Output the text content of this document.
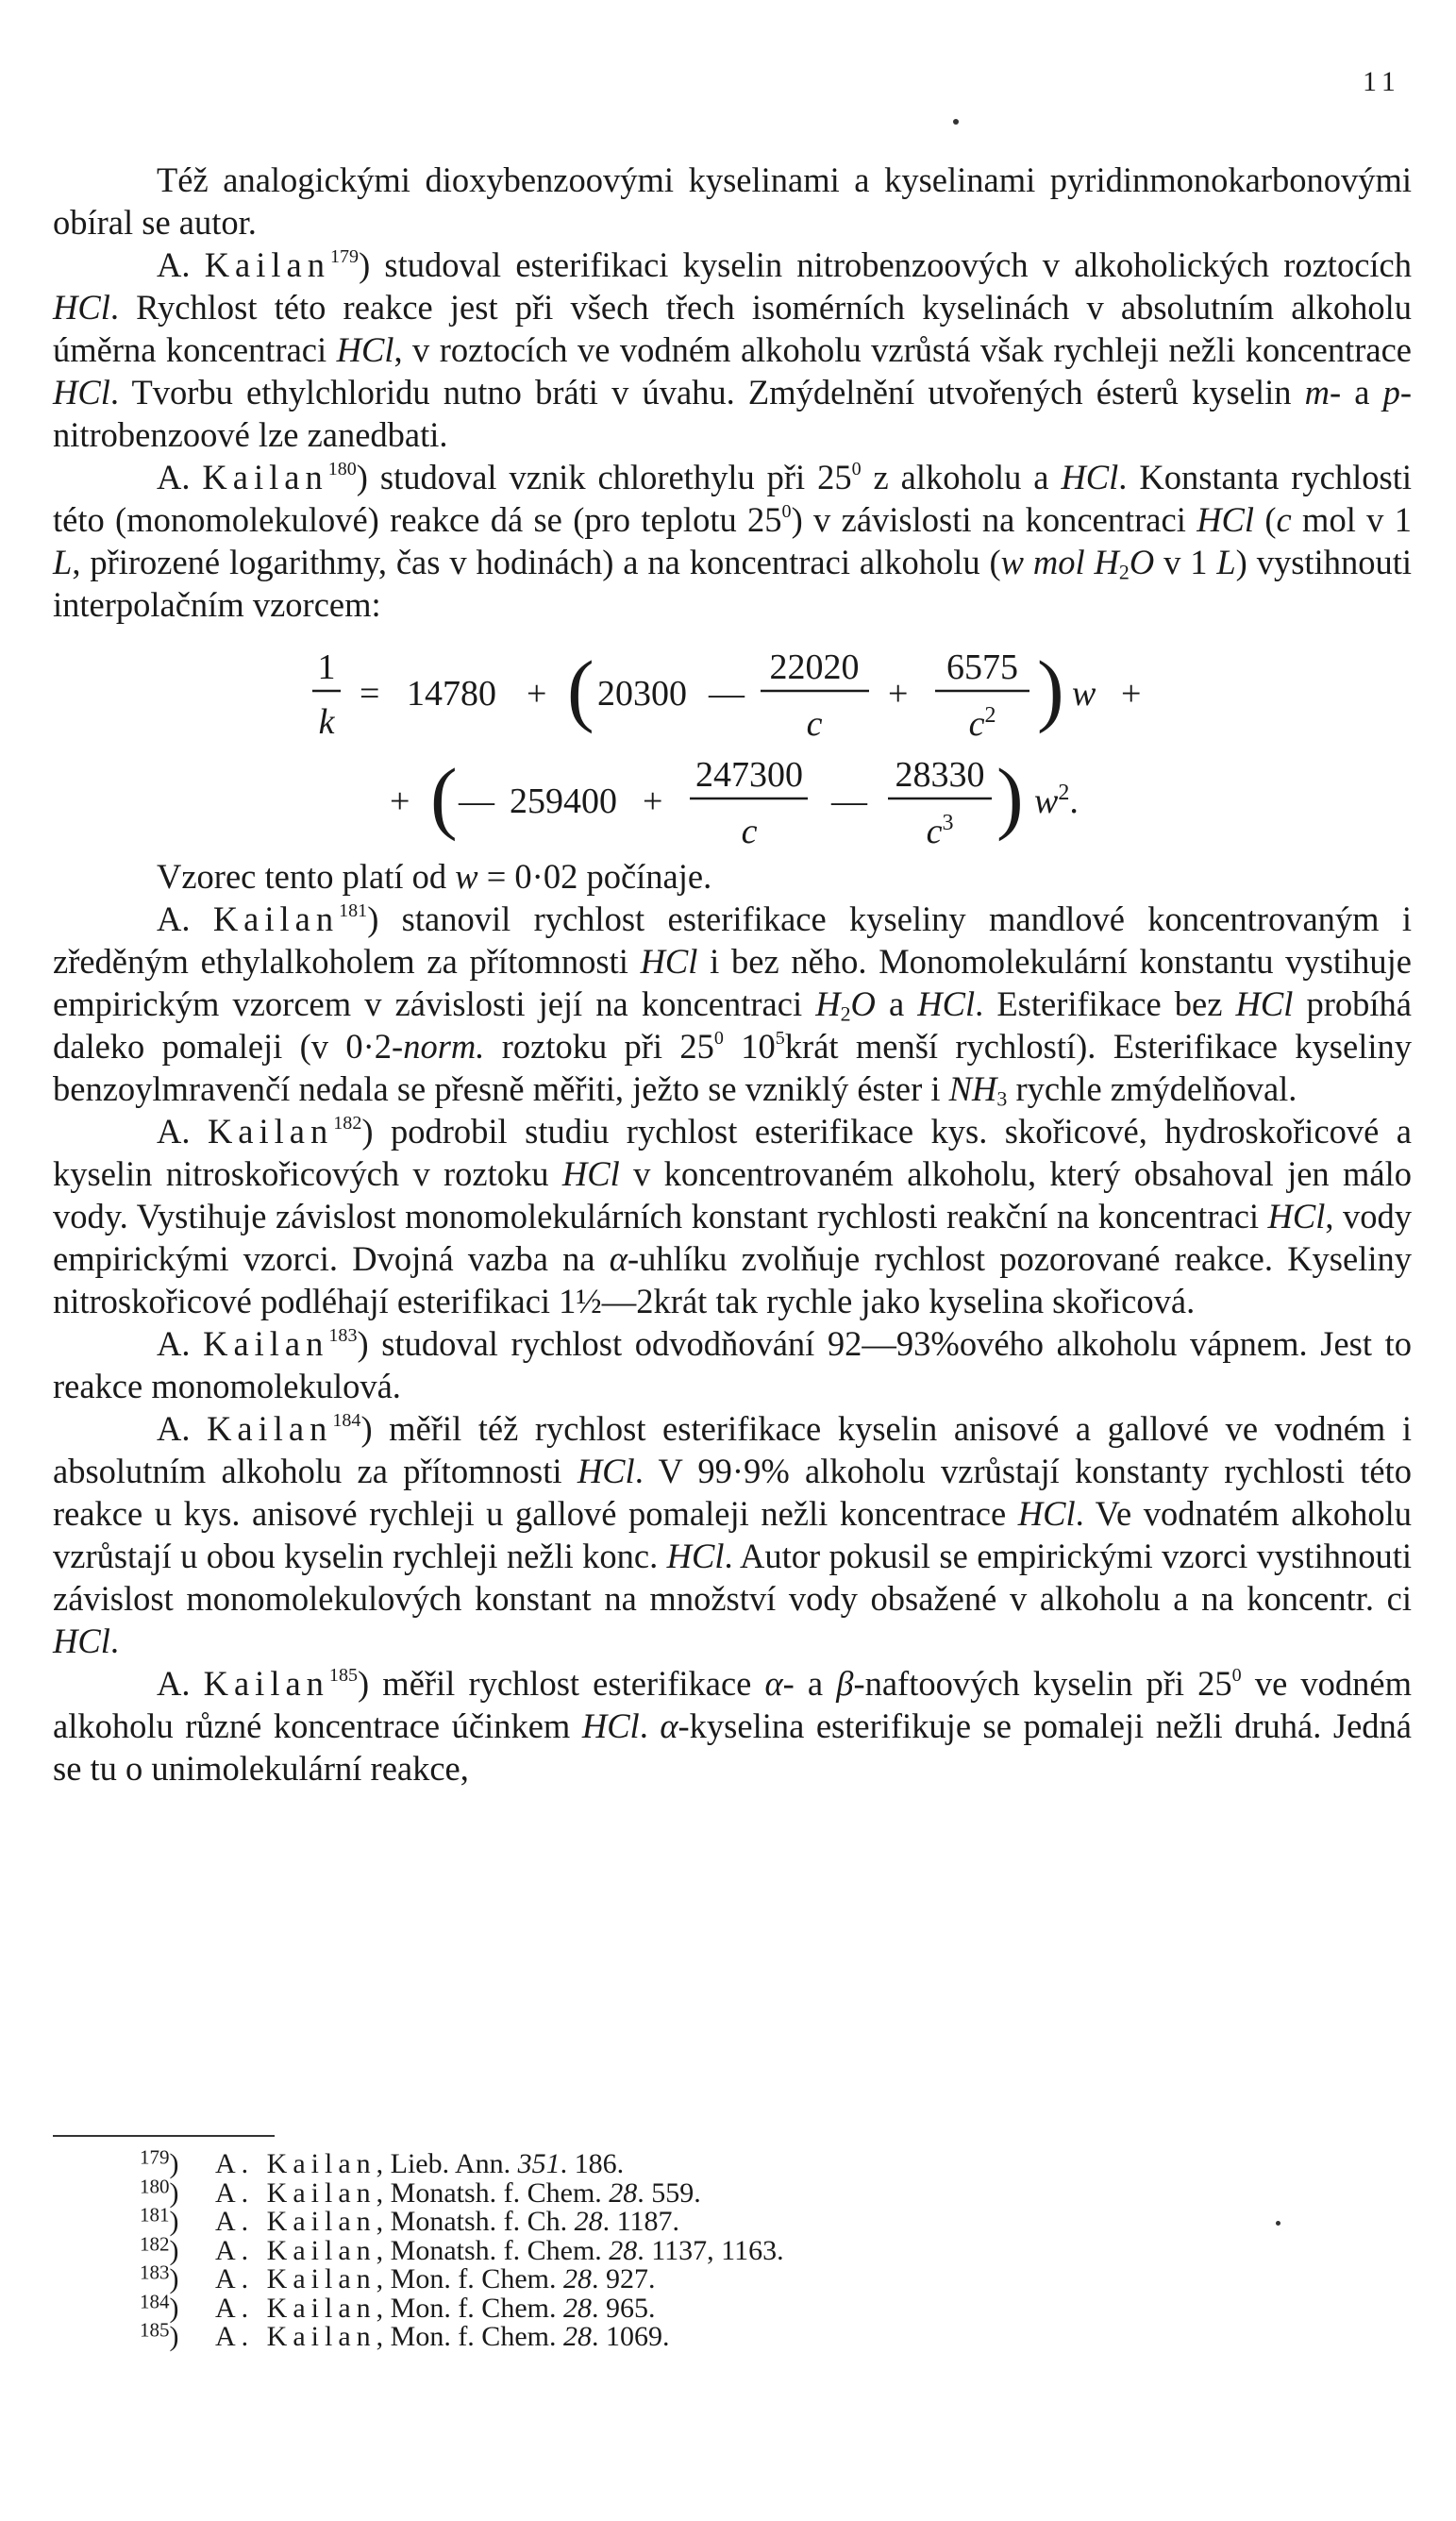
11

Též analogickými dioxybenzoovými kyselinami a kyselinami pyridinmonokarbonovými obíral se autor.

A. Kailan$^{179}$) studoval esterifikaci kyselin nitrobenzoových v alkoholických roztocích HCl. Rychlost této reakce jest při všech třech isomérních kyselinách v absolutním alkoholu úměrna koncentraci HCl, v roztocích ve vodném alkoholu vzrůstá však rychleji nežli koncentrace HCl. Tvorbu ethylchloridu nutno bráti v úvahu. Zmýdelnění utvořených ésterů kyselin m- a p-nitrobenzoové lze zanedbati.

A. Kailan$^{180}$) studoval vznik chlorethylu při $25^0$ z alkoholu a HCl. Konstanta rychlosti této (monomolekulové) reakce dá se (pro teplotu $25^0$) v závislosti na koncentraci HCl (c mol v 1 L, přirozené logarithmy, čas v hodinách) a na koncentraci alkoholu (w mol $H_2O$ v 1 L) vystihnouti interpolačním vzorcem:

1
k
= 14780 + ( 20300 —
22020
c
+
6575
$c^2$ ) w +
+ ( — 259400 +
247300
c
—
28330
$c^3$ ) $w^2$.

Vzorec tento platí od w = 0·02 počínaje.

A. Kailan$^{181}$) stanovil rychlost esterifikace kyseliny mandlové koncentrovaným i zředěným ethylalkoholem za přítomnosti HCl i bez něho. Monomolekulární konstantu vystihuje empirickým vzorcem v závislosti její na koncentraci $H_2O$ a HCl. Esterifikace bez HCl probíhá daleko pomaleji (v 0·2-norm. roztoku při $25^0$ $10^5krát$ menší rychlostí). Esterifikace kyseliny benzoylmravenčí nedala se přesně měřiti, ježto se vzniklý éster i $NH_3$ rychle zmýdelňoval.

A. Kailan$^{182}$) podrobil studiu rychlost esterifikace kys. skořicové, hydroskořicové a kyselin nitroskořicových v roztoku HCl v koncentrovaném alkoholu, který obsahoval jen málo vody. Vystihuje závislost monomolekulárních konstant rychlosti reakční na koncentraci HCl, vody empirickými vzorci. Dvojná vazba na α-uhlíku zvolňuje rychlost pozorované reakce. Kyseliny nitroskořicové podléhají esterifikaci 1½—2krát tak rychle jako kyselina skořicová.

A. Kailan$^{183}$) studoval rychlost odvodňování 92—93%ového alkoholu vápnem. Jest to reakce monomolekulová.

A. Kailan$^{184}$) měřil též rychlost esterifikace kyselin anisové a gallové ve vodném i absolutním alkoholu za přítomnosti HCl. V 99·9% alkoholu vzrůstají konstanty rychlosti této reakce u kys. anisové rychleji u gallové pomaleji nežli koncentrace HCl. Ve vodnatém alkoholu vzrůstají u obou kyselin rychleji nežli konc. HCl. Autor pokusil se empirickými vzorci vystihnouti závislost monomolekulových konstant na množství vody obsažené v alkoholu a na koncentr. ci HCl.

A. Kailan$^{185}$) měřil rychlost esterifikace α- a β-naftoových kyselin při $25^0$ ve vodném alkoholu různé koncentrace účinkem HCl. α-kyselina esterifikuje se pomaleji nežli druhá. Jedná se tu o unimolekulární reakce,

$^{179}$) A. Kailan, Lieb. Ann. 351. 186.
$^{180}$) A. Kailan, Monatsh. f. Chem. 28. 559.
$^{181}$) A. Kailan, Monatsh. f. Ch. 28. 1187.
$^{182}$) A. Kailan, Monatsh. f. Chem. 28. 1137, 1163.
$^{183}$) A. Kailan, Mon. f. Chem. 28. 927.
$^{184}$) A. Kailan, Mon. f. Chem. 28. 965.
$^{185}$) A. Kailan, Mon. f. Chem. 28. 1069.
